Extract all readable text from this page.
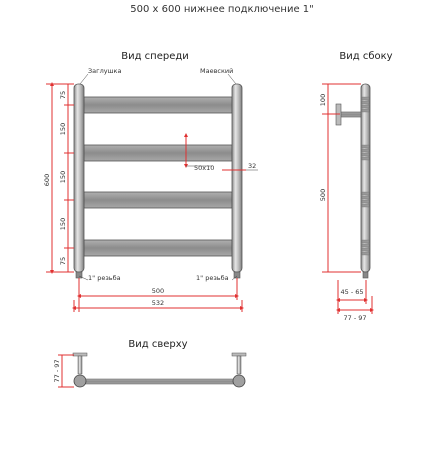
500 x 600 нижнее подключение 1"
Вид спереди
Заглушка	Маевский
1" резьба	1" резьба
50x10	32
600
75
150
150
150
75
500
532
Вид сбоку
100
500
45 - 65
77 - 97
Вид сверху
77 - 97
